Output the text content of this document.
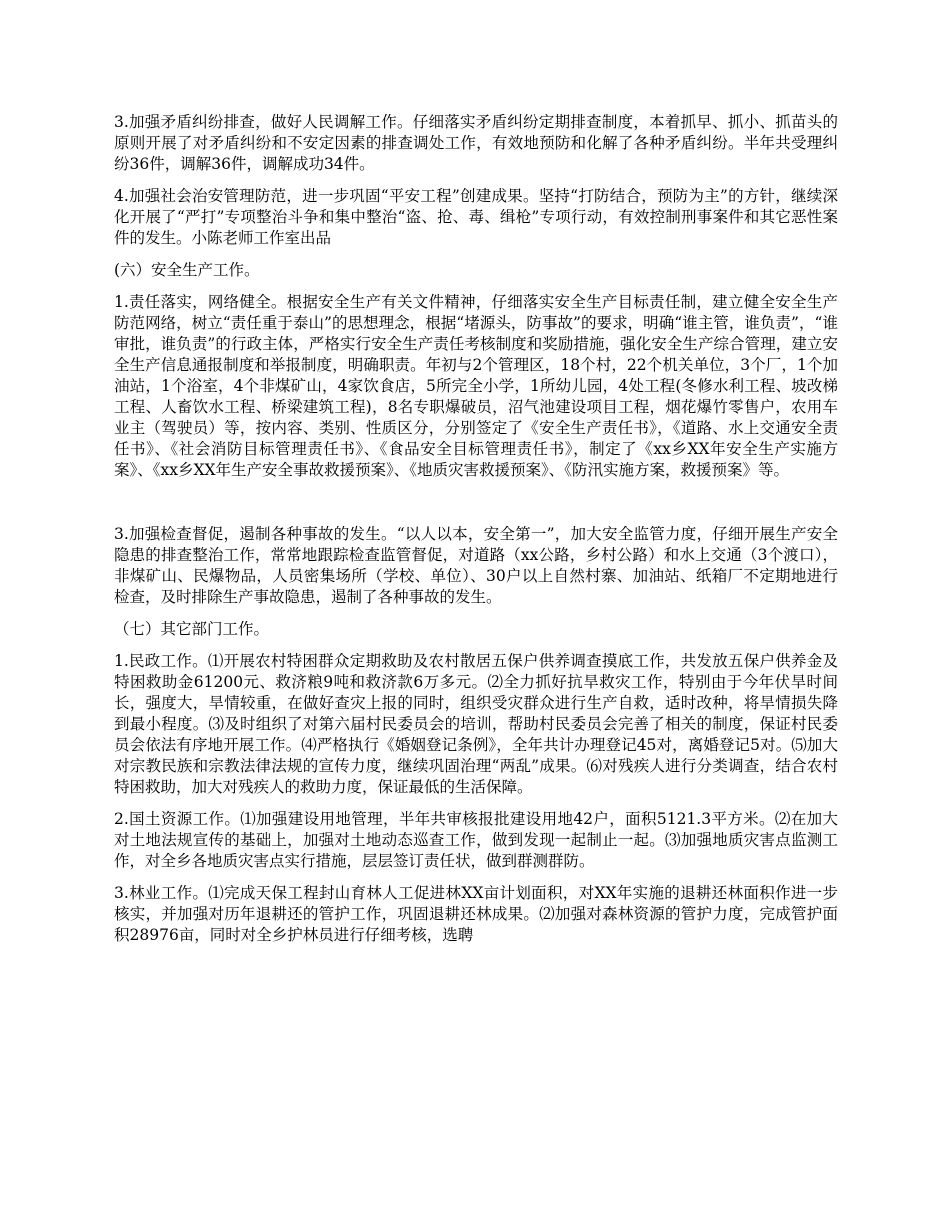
3.加强矛盾纠纷排查，做好人民调解工作。仔细落实矛盾纠纷定期排查制度，本着抓早、抓小、抓苗头的原则开展了对矛盾纠纷和不安定因素的排查调处工作，有效地预防和化解了各种矛盾纠纷。半年共受理纠纷36件，调解36件，调解成功34件。

4.加强社会治安管理防范，进一步巩固“平安工程”创建成果。坚持“打防结合，预防为主”的方针，继续深化开展了“严打”专项整治斗争和集中整治“盗、抢、毒、缉枪”专项行动，有效控制刑事案件和其它恶性案件的发生。小陈老师工作室出品

(六）安全生产工作。

1.责任落实，网络健全。根据安全生产有关文件精神，仔细落实安全生产目标责任制，建立健全安全生产防范网络，树立“责任重于泰山”的思想理念，根据“堵源头，防事故”的要求，明确“谁主管，谁负责”，“谁审批，谁负责”的行政主体，严格实行安全生产责任考核制度和奖励措施，强化安全生产综合管理，建立安全生产信息通报制度和举报制度，明确职责。年初与2个管理区，18个村，22个机关单位，3个厂，1个加油站，1个浴室，4个非煤矿山，4家饮食店，5所完全小学，1所幼儿园，4处工程(冬修水利工程、坡改梯工程、人畜饮水工程、桥梁建筑工程)，8名专职爆破员，沼气池建设项目工程，烟花爆竹零售户，农用车业主（驾驶员）等，按内容、类别、性质区分，分别签定了《安全生产责任书》，《道路、水上交通安全责任书》、《社会消防目标管理责任书》、《食品安全目标管理责任书》，制定了《xx乡XX年安全生产实施方案》、《xx乡XX年生产安全事故救援预案》、《地质灾害救援预案》、《防汛实施方案，救援预案》等。

3.加强检查督促，遏制各种事故的发生。“以人以本，安全第一”，加大安全监管力度，仔细开展生产安全隐患的排查整治工作，常常地跟踪检查监管督促，对道路（xx公路，乡村公路）和水上交通（3个渡口），非煤矿山、民爆物品，人员密集场所（学校、单位）、30户以上自然村寨、加油站、纸箱厂不定期地进行检查，及时排除生产事故隐患，遏制了各种事故的发生。

（七）其它部门工作。

1.民政工作。⑴开展农村特困群众定期救助及农村散居五保户供养调查摸底工作，共发放五保户供养金及特困救助金61200元、救济粮9吨和救济款6万多元。⑵全力抓好抗旱救灾工作，特别由于今年伏旱时间长，强度大，旱情较重，在做好查灾上报的同时，组织受灾群众进行生产自救，适时改种，将旱情损失降到最小程度。⑶及时组织了对第六届村民委员会的培训，帮助村民委员会完善了相关的制度，保证村民委员会依法有序地开展工作。⑷严格执行《婚姻登记条例》，全年共计办理登记45对，离婚登记5对。⑸加大对宗教民族和宗教法律法规的宣传力度，继续巩固治理“两乱”成果。⑹对残疾人进行分类调查，结合农村特困救助，加大对残疾人的救助力度，保证最低的生活保障。

2.国土资源工作。⑴加强建设用地管理，半年共审核报批建设用地42户，面积5121.3平方米。⑵在加大对土地法规宣传的基础上，加强对土地动态巡查工作，做到发现一起制止一起。⑶加强地质灾害点监测工作，对全乡各地质灾害点实行措施，层层签订责任状，做到群测群防。

3.林业工作。⑴完成天保工程封山育林人工促进林XX亩计划面积，对XX年实施的退耕还林面积作进一步核实，并加强对历年退耕还的管护工作，巩固退耕还林成果。⑵加强对森林资源的管护力度，完成管护面积28976亩，同时对全乡护林员进行仔细考核，选聘
